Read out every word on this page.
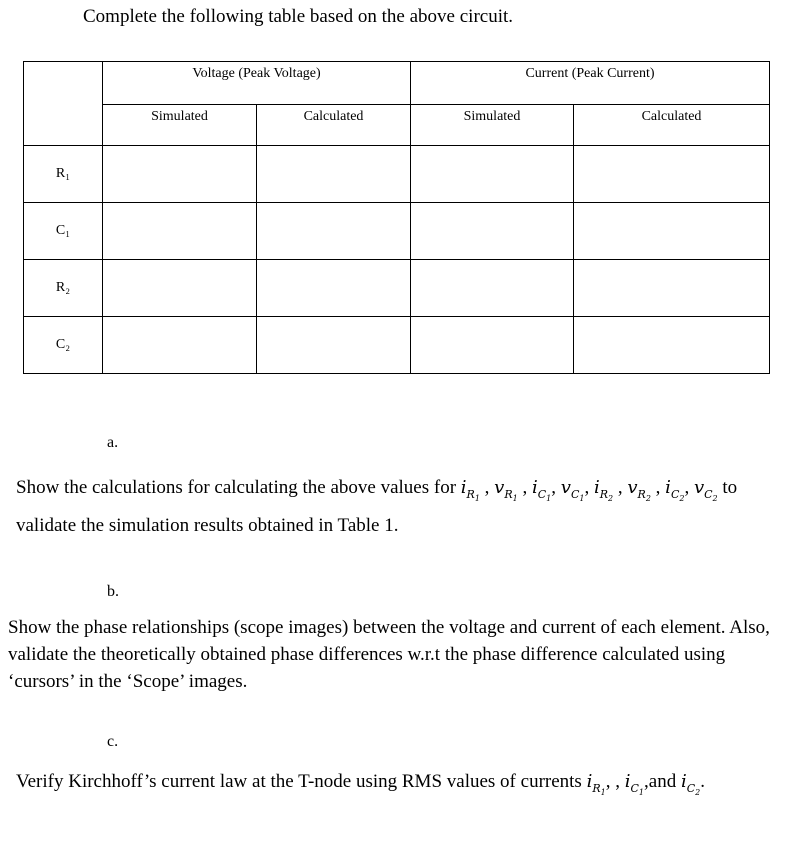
Complete the following table based on the above circuit.

	Voltage (Peak Voltage)		Current (Peak Current)	

	Simulated	Calculated	Simulated	Calculated

R₁				
C₁				
R₂				
C₂				
a.
Show the calculations for calculating the above values for $i_{R_1}$ , $v_{R_1}$ , $i_{C_1}$, $v_{C_1}$, $i_{R_2}$ , $v_{R_2}$ , $i_{C_2}$, $v_{C_2}$ to validate the simulation results obtained in Table 1.
b.
Show the phase relationships (scope images) between the voltage and current of each element. Also, validate the theoretically obtained phase differences w.r.t the phase difference calculated using ‘cursors’ in the ‘Scope’ images.
c.
Verify Kirchhoff’s current law at the T-node using RMS values of currents $i_{R_1}$, , $i_{C_1},and$ $i_{C_2}$.
